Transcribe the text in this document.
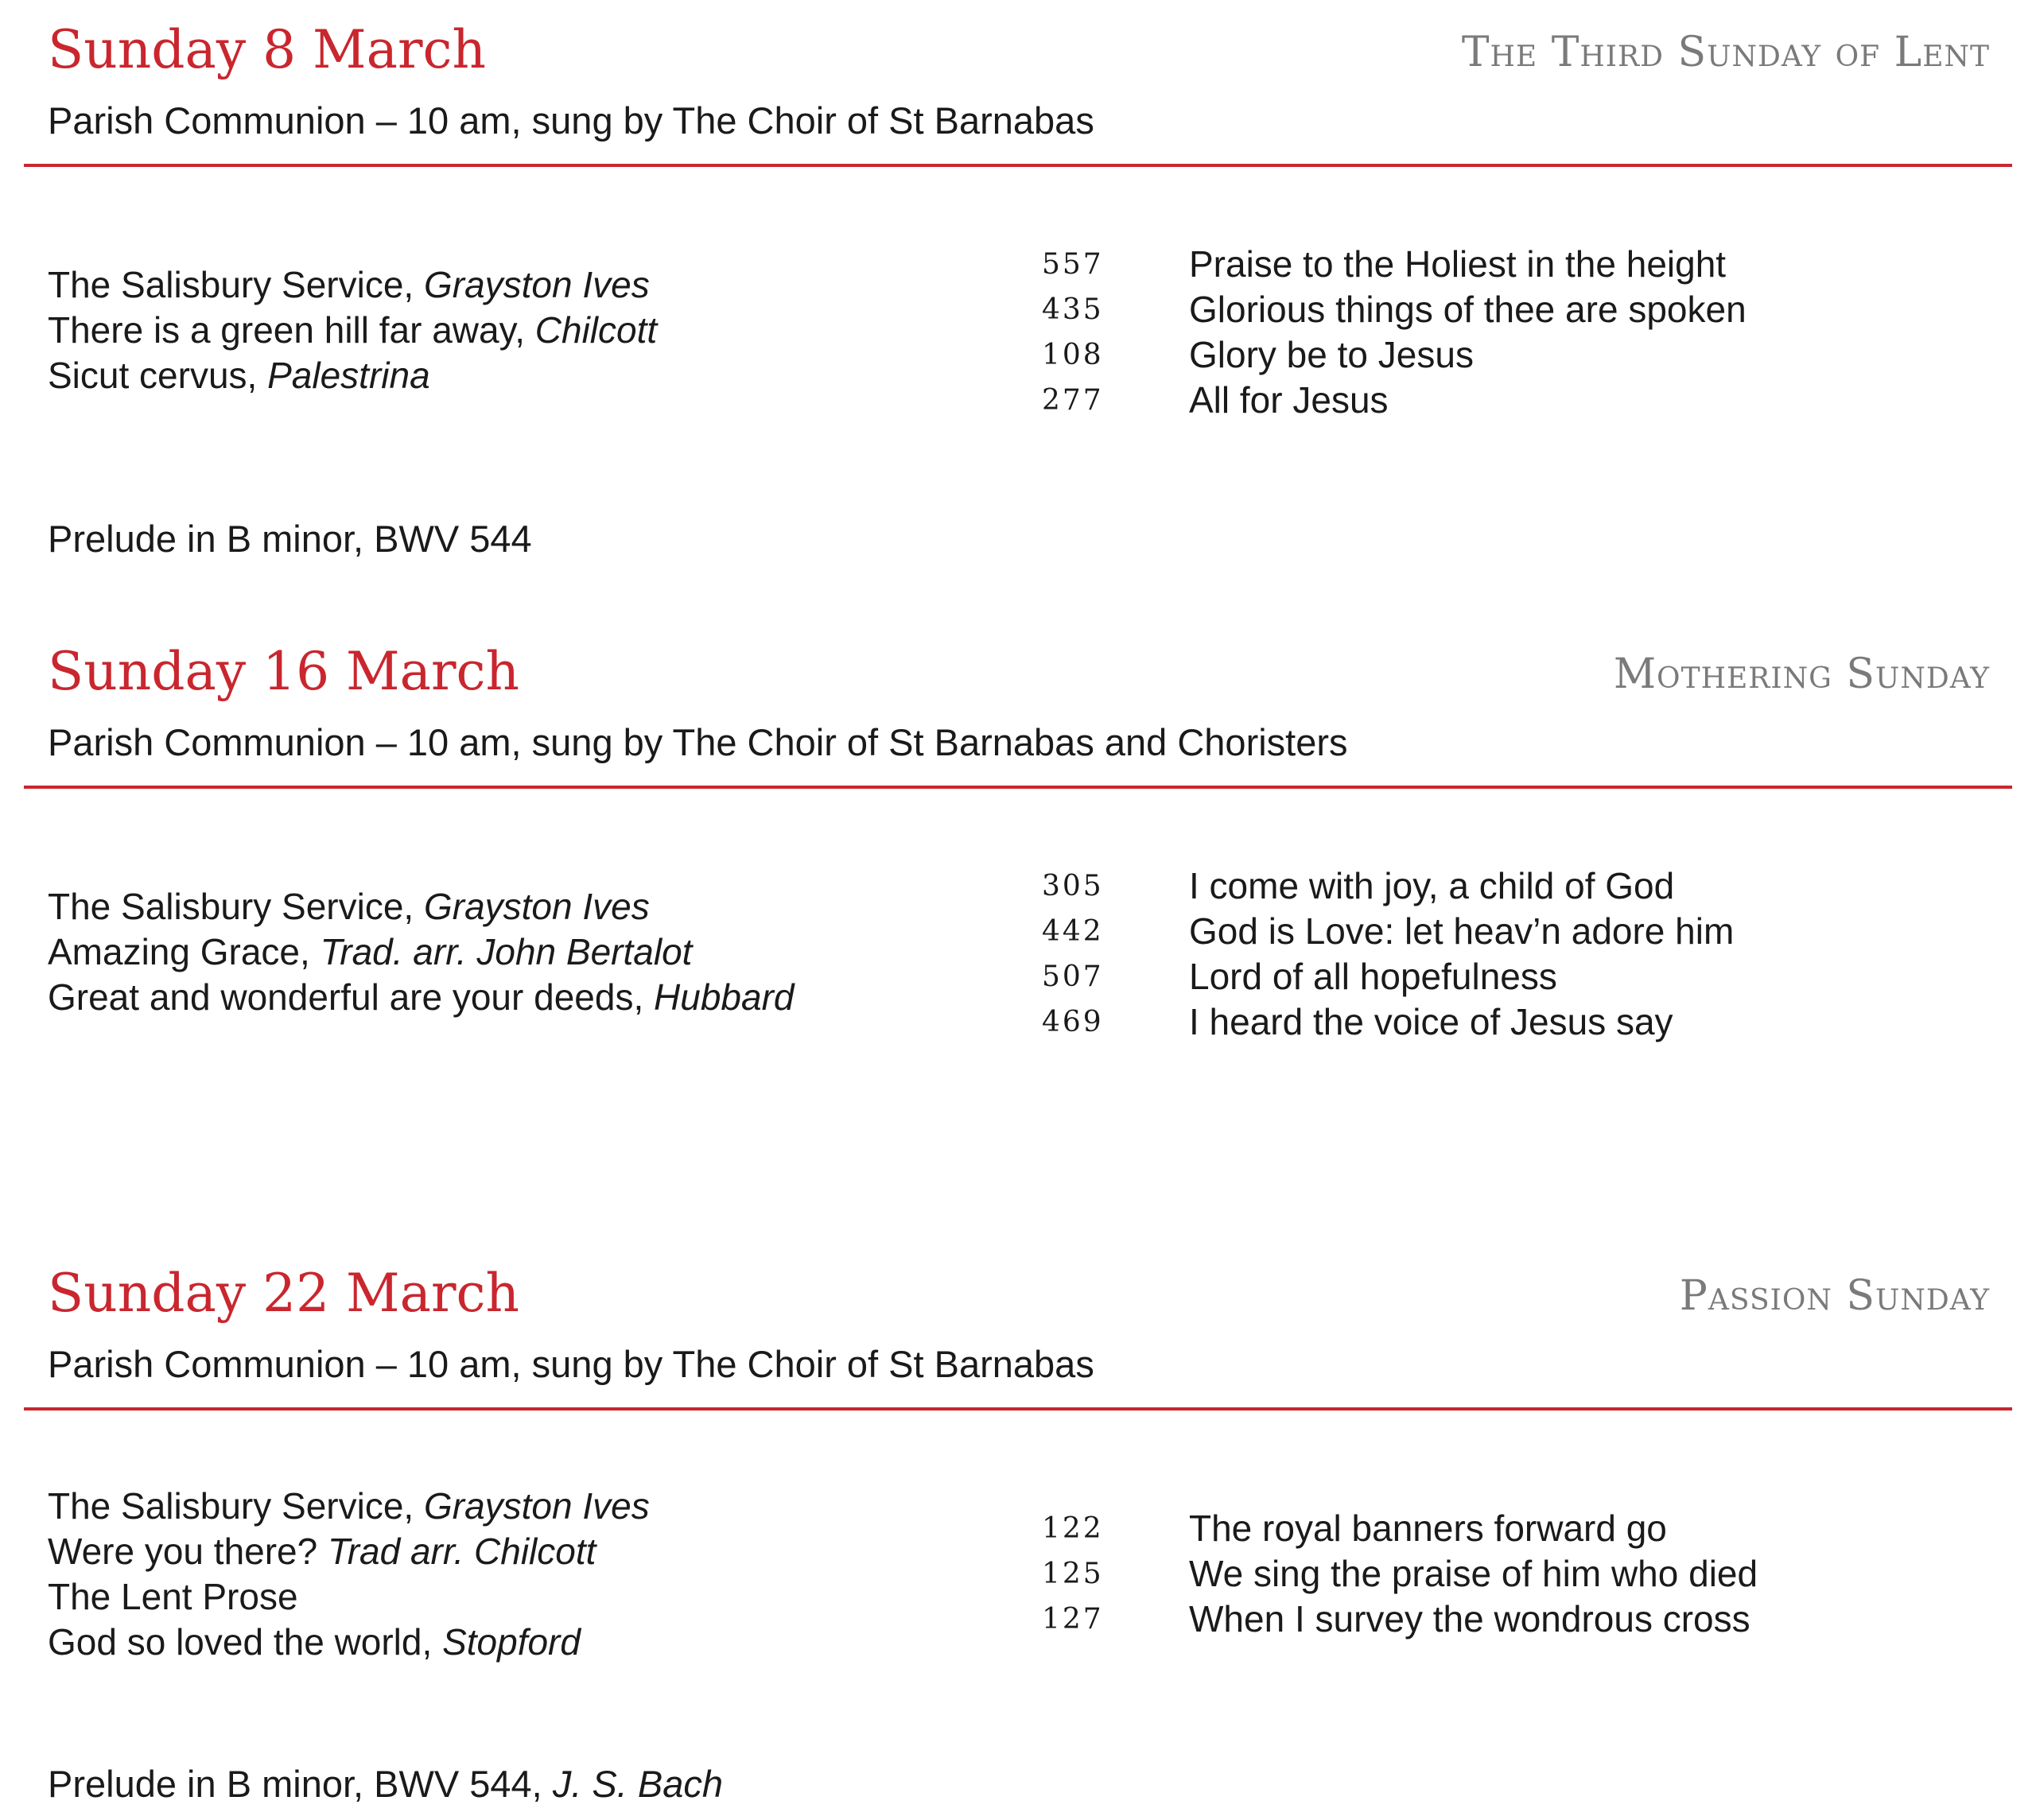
Sunday 8 March	The Third Sunday of Lent
Parish Communion – 10 am, sung by The Choir of St Barnabas
The Salisbury Service, Grayston Ives
There is a green hill far away, Chilcott
Sicut cervus, Palestrina
557	Praise to the Holiest in the height
435	Glorious things of thee are spoken
108	Glory be to Jesus
277	All for Jesus
Prelude in B minor, BWV 544
Sunday 16 March	Mothering Sunday
Parish Communion – 10 am, sung by The Choir of St Barnabas and Choristers
The Salisbury Service, Grayston Ives
Amazing Grace, Trad. arr. John Bertalot
Great and wonderful are your deeds, Hubbard
305	I come with joy, a child of God
442	God is Love: let heav’n adore him
507	Lord of all hopefulness
469	I heard the voice of Jesus say
Sunday 22 March	Passion Sunday
Parish Communion – 10 am, sung by The Choir of St Barnabas
The Salisbury Service, Grayston Ives
Were you there? Trad arr. Chilcott
The Lent Prose
God so loved the world, Stopford
122	The royal banners forward go
125	We sing the praise of him who died
127	When I survey the wondrous cross
Prelude in B minor, BWV 544, J. S. Bach
